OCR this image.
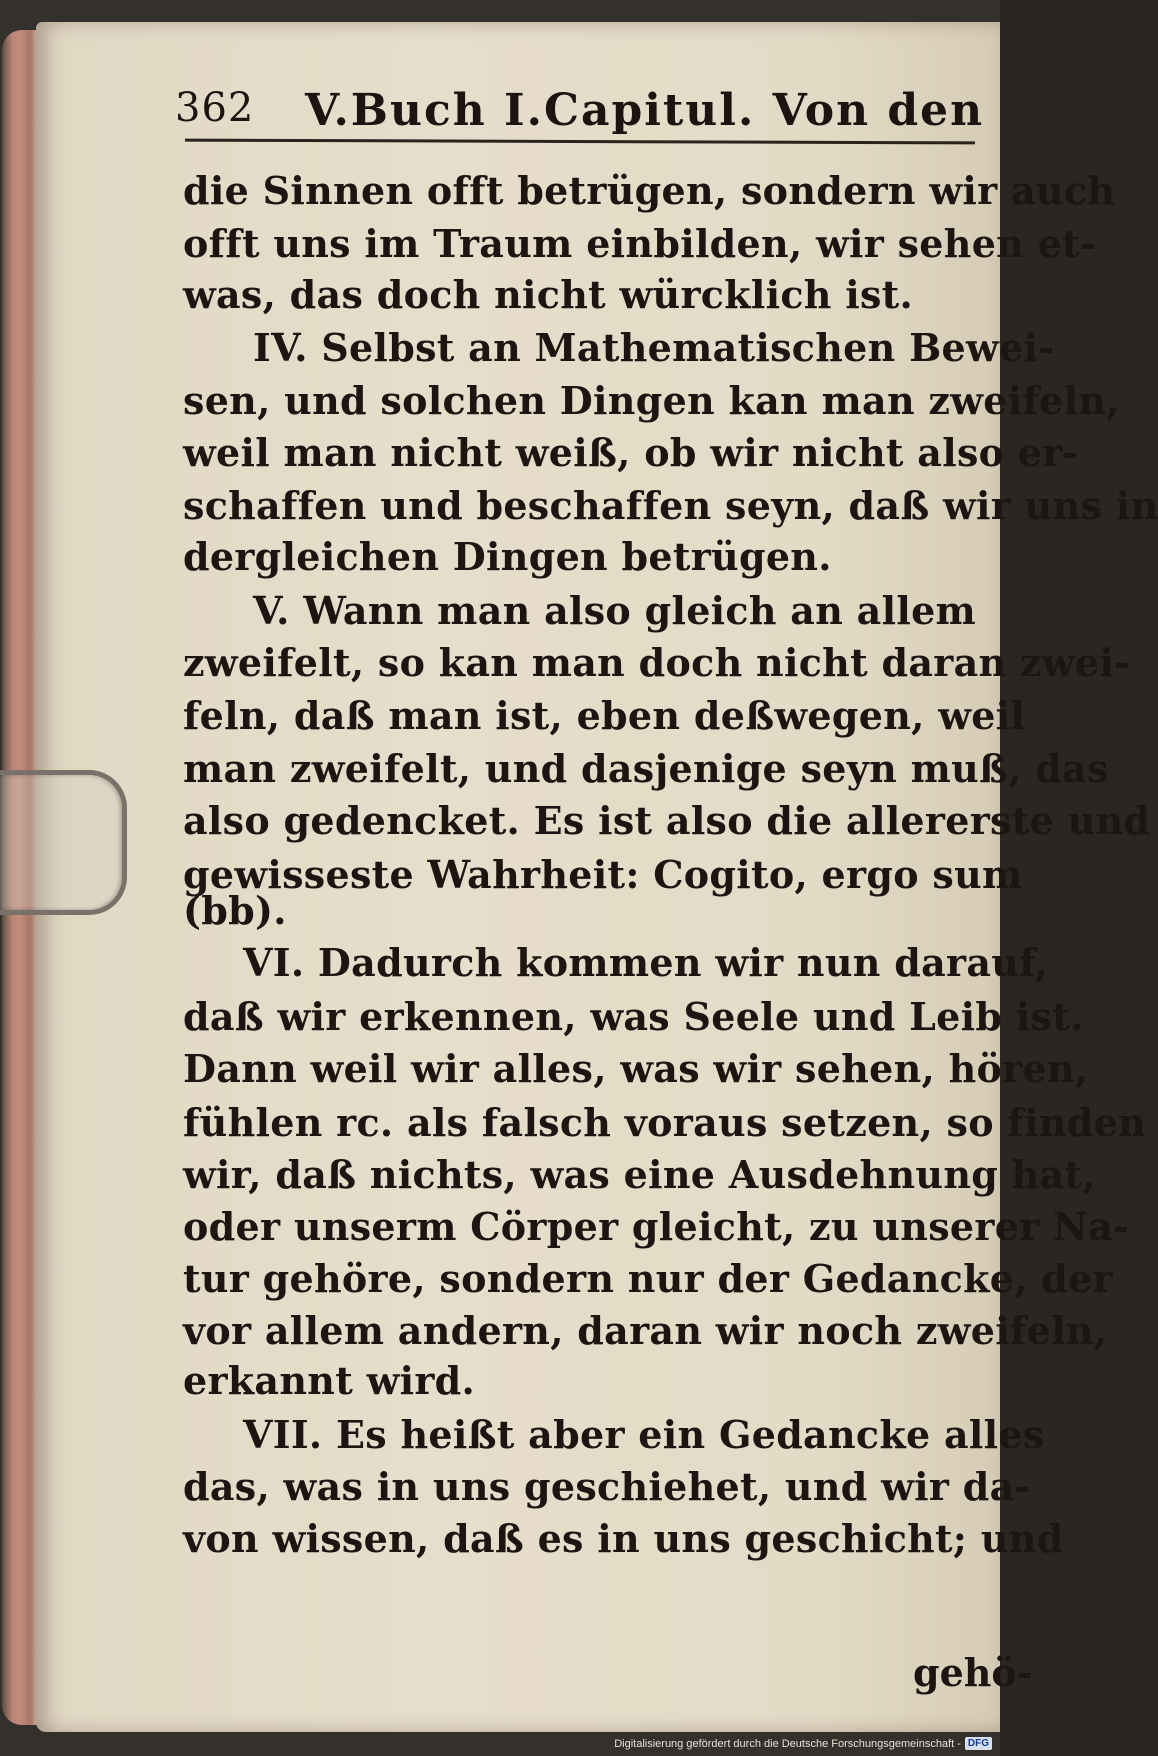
362 V.Buch I.Capitul. Von den
die Sinnen offt betrügen, sondern wir auch
offt uns im Traum einbilden, wir sehen et-
was, das doch nicht würcklich ist.
IV. Selbst an Mathematischen Bewei-
sen, und solchen Dingen kan man zweifeln,
weil man nicht weiß, ob wir nicht also er-
schaffen und beschaffen seyn, daß wir uns in
dergleichen Dingen betrügen.
V. Wann man also gleich an allem
zweifelt, so kan man doch nicht daran zwei-
feln, daß man ist, eben deßwegen, weil
man zweifelt, und dasjenige seyn muß, das
also gedencket. Es ist also die allererste und
gewisseste Wahrheit: Cogito, ergo sum
(bb).
VI. Dadurch kommen wir nun darauf,
daß wir erkennen, was Seele und Leib ist.
Dann weil wir alles, was wir sehen, hören,
fühlen rc. als falsch voraus setzen, so finden
wir, daß nichts, was eine Ausdehnung hat,
oder unserm Cörper gleicht, zu unserer Na-
tur gehöre, sondern nur der Gedancke, der
vor allem andern, daran wir noch zweifeln,
erkannt wird.
VII. Es heißt aber ein Gedancke alles
das, was in uns geschiehet, und wir da-
von wissen, daß es in uns geschicht; und
gehö-
Digitalisierung gefördert durch die Deutsche Forschungsgemeinschaft - DFG
